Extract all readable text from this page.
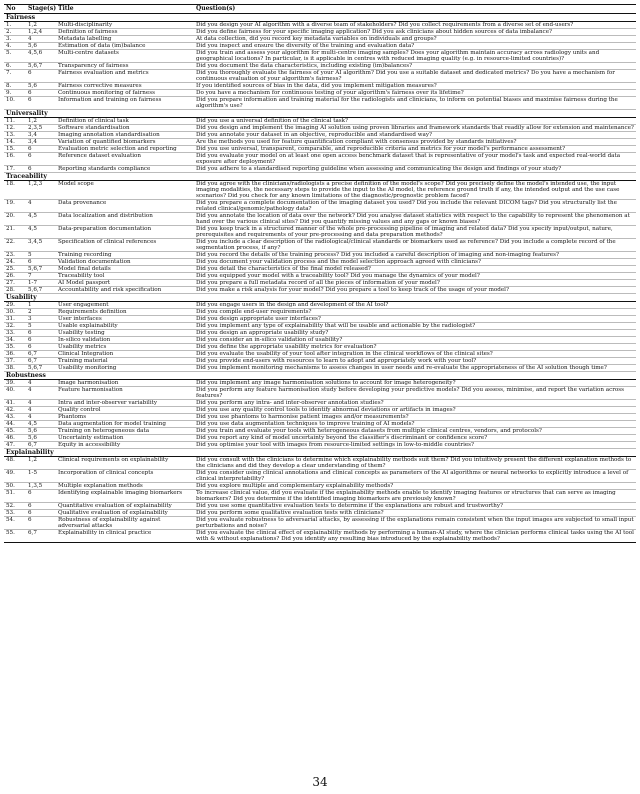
No	Stage(s)	Title	Question(s)
Fairness			
1.	1,2	Multi-disciplinarity	Did you design your AI algorithm with a diverse team of stakeholders? Did you collect requirements from a diverse set of end-users?
2.	1,2,4	Definition of fairness	Did you define fairness for your specific imaging application? Did you ask clinicians about hidden sources of data imbalance?
3.	4	Metadata labelling	At data collection, did you record key metadata variables on individuals and groups?
4.	5,6	Estimation of data (im)balance	Did you inspect and ensure the diversity of the training and evaluation data?
5.	4,5,6	Multi-centre datasets	Did you train and assess your algorithm for multi-centre imaging samples? Does your algorithm maintain accuracy across radiology units and geographical locations? In particular, is it applicable in centres with reduced imaging quality (e.g. in resource-limited countries)?
6.	5,6,7	Transparency of fairness	Did you document the data characteristics, including existing (im)balances?
7.	6	Fairness evaluation and metrics	Did you thoroughly evaluate the fairness of your AI algorithm? Did you use a suitable dataset and dedicated metrics? Do you have a mechanism for continuous evaluation of your algorithm's fairness?
8.	5,6	Fairness corrective measures	If you identified sources of bias in the data, did you implement mitigation measures?
9.	6	Continuous monitoring of fairness	Do you have a mechanism for continuous testing of your algorithm's fairness over its lifetime?
10.	6	Information and training on fairness	Did you prepare information and training material for the radiologists and clinicians, to inform on potential biases and maximise fairness during the algorithm's use?
Universality			
11.	1,2	Definition of clinical task	Did you use a universal definition of the clinical task?
12.	2,3,5	Software standardisation	Did you design and implement the imaging AI solution using proven libraries and framework standards that readily allow for extension and maintenance?
13.	3,4	Imaging annotation standardisation	Did you annotate your dataset in an objective, reproducible and standardised way?
14.	3,4	Variation of quantified biomarkers	Are the methods you used for feature quantification compliant with consensus provided by standards initiatives?
15.	6	Evaluation metric selection and reporting	Did you use universal, transparent, comparable, and reproducible criteria and metrics for your model's performance assessment?
16.	6	Reference dataset evaluation	Did you evaluate your model on at least one open access benchmark dataset that is representative of your model's task and expected real-world data exposure after deployment?
17.	6	Reporting standards compliance	Did you adhere to a standardised reporting guideline when assessing and communicating the design and findings of your study?
Traceability			
18.	1,2,3	Model scope	Did you agree with the clinicians/radiologists a precise definition of the model's scope? Did you precisely define the model's intended use, the input imaging modalities, the necessary steps to provide the input to the AI model, the reference ground truth if any, the intended output and the use case scenarios? Did you check for any known limitations of the diagnostic/prognostic problem faced?
19.	4	Data provenance	Did you prepare a complete documentation of the imaging dataset you used? Did you include the relevant DICOM tags? Did you structurally list the related clinical/genomic/pathology data?
20.	4,5	Data localization and distribution	Did you annotate the location of data over the network? Did you analyse dataset statistics with respect to the capability to represent the phenomenon at hand over the various clinical sites? Did you quantify missing values and any gaps or known biases?
21.	4,5	Data-preparation documentation	Did you keep track in a structured manner of the whole pre-processing pipeline of imaging and related data? Did you specify input/output, nature, prerequisites and requirements of your pre-processing and data preparation methods?
22.	3,4,5	Specification of clinical references	Did you include a clear description of the radiological/clinical standards or biomarkers used as reference? Did you include a complete record of the segmentation process, if any?
23.	5	Training recording	Did you record the details of the training process? Did you included a careful description of imaging and non-imaging features?
24.	6	Validation documentation	Did you document your validation process and the model selection approach agreed with clinicians?
25.	5,6,7	Model final details	Did you detail the characteristics of the final model released?
26.	7	Traceability tool	Did you equipped your model with a traceability tool? Did you manage the dynamics of your model?
27.	1-7	AI Model passport	Did you prepare a full metadata record of all the pieces of information of your model?
28.	5,6,7	Accountability and risk specification	Did you make a risk analysis for your model? Did you prepare a tool to keep track of the usage of your model?
Usability			
29.	1	User engagement	Did you engage users in the design and development of the AI tool?
30.	2	Requirements definition	Did you compile end-user requirements?
31.	3	User interfaces	Did you design appropriate user interfaces?
32.	5	Usable explainability	Did you implement any type of explainability that will be usable and actionable by the radiologist?
33.	6	Usability testing	Did you design an appropriate usability study?
34.	6	In-silico validation	Did you consider an in-silico validation of usability?
35.	6	Usability metrics	Did you define the appropriate usability metrics for evaluation?
36.	6,7	Clinical Integration	Did you evaluate the usability of your tool after integration in the clinical workflows of the clinical sites?
37.	6,7	Training material	Did you provide end-users with resources to learn to adopt and appropriately work with your tool?
38.	5,6,7	Usability monitoring	Did you implement monitoring mechanisms to assess changes in user needs and re-evaluate the appropriateness of the AI solution though time?
Robustness			
39.	4	Image harmonisation	Did you implement any image harmonisation solutions to account for image heterogeneity?
40.	4	Feature harmonisation	Did you perform any feature harmonisation study before developing your predictive models? Did you assess, minimise, and report the variation across features?
41.	4	Intra and inter-observer variability	Did you perform any intra- and inter-observer annotation studies?
42.	4	Quality control	Did you use any quality control tools to identify abnormal deviations or artifacts in images?
43.	4	Phantoms	Did you use phantoms to harmonise patient images and/or measurements?
44.	4,5	Data augmentation for model training	Did you use data augmentation techniques to improve training of AI models?
45.	5,6	Training on heterogeneous data	Did you train and evaluate your tools with heterogeneous datasets from multiple clinical centres, vendors, and protocols?
46.	5,6	Uncertainty estimation	Did you report any kind of model uncertainty beyond the classifier's discriminant or confidence score?
47.	6,7	Equity in accessibility	Did you optimise your tool with images from resource-limited settings in low-to-middle countries?
Explainability			
48.	1,2	Clinical requirements on explainability	Did you consult with the clinicians to determine which explainability methods suit them? Did you intuitively present the different explanation methods to the clinicians and did they develop a clear understanding of them?
49.	1-5	Incorporation of clinical concepts	Did you consider using clinical annotations and clinical concepts as parameters of the AI algorithms or neural networks to explicitly introduce a level of clinical interpretability?
50.	1,3,5	Multiple explanation methods	Did you explore multiple and complementary explainability methods?
51.	6	Identifying explainable imaging biomarkers	To increase clinical value, did you evaluate if the explainability methods enable to identify imaging features or structures that can serve as imaging biomarkers? Did you determine if the identified imaging biomarkers are previously known?
52.	6	Quantitative evaluation of explainability	Did you use some quantitative evaluation tests to determine if the explanations are robust and trustworthy?
53.	6	Qualitative evaluation of explainability	Did you perform some qualitative evaluation tests with clinicians?
54.	6	Robustness of explainability against adversarial attacks	Did you evaluate robustness to adversarial attacks, by assessing if the explanations remain consistent when the input images are subjected to small input perturbations and noise?
55.	6,7	Explainability in clinical practice	Did you evaluate the clinical effect of explainability methods by performing a human-AI study, where the clinician performs clinical tasks using the AI tool with & without explanations? Did you identify any resulting bias introduced by the explainability methods?
34
